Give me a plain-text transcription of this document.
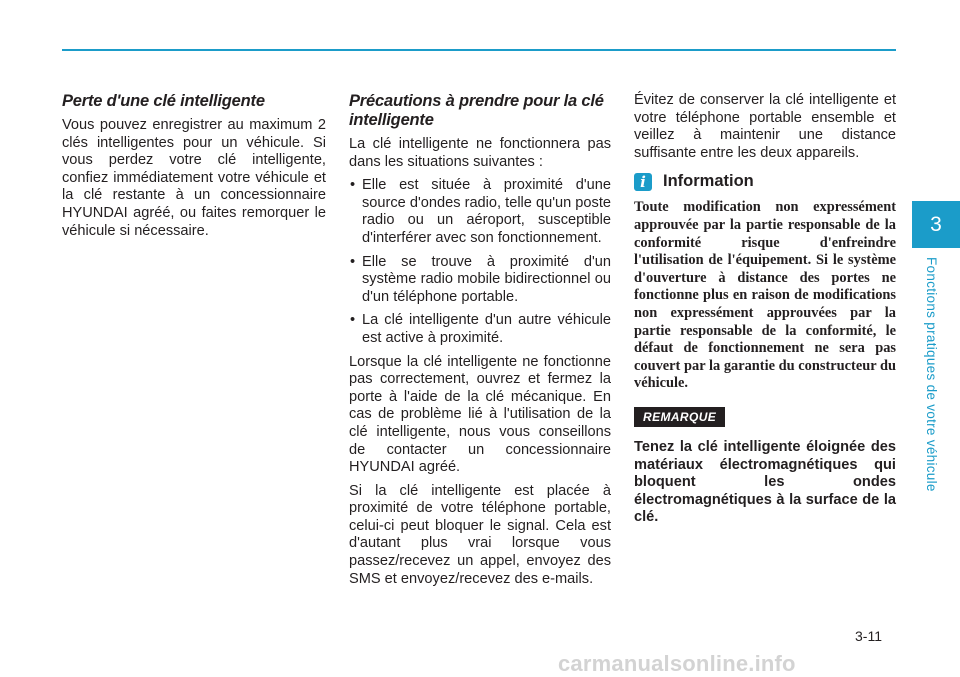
Perte d'une clé intelligente

Vous pouvez enregistrer au maximum 2 clés intelligentes pour un véhicule. Si vous perdez votre clé intelligente, confiez immédiatement votre véhicule et la clé restante à un concessionnaire HYUNDAI agréé, ou faites remorquer le véhicule si nécessaire.

Précautions à prendre pour la clé intelligente

La clé intelligente ne fonctionnera pas dans les situations suivantes :

• Elle est située à proximité d'une source d'ondes radio, telle qu'un poste radio ou un aéroport, susceptible d'interférer avec son fonctionnement.
• Elle se trouve à proximité d'un système radio mobile bidirectionnel ou d'un téléphone portable.
• La clé intelligente d'un autre véhicule est active à proximité.

Lorsque la clé intelligente ne fonctionne pas correctement, ouvrez et fermez la porte à l'aide de la clé mécanique. En cas de problème lié à l'utilisation de la clé intelligente, nous vous conseillons de contacter un concessionnaire HYUNDAI agréé.

Si la clé intelligente est placée à proximité de votre téléphone portable, celui-ci peut bloquer le signal. Cela est d'autant plus vrai lorsque vous passez/recevez un appel, envoyez des SMS et envoyez/recevez des e-mails.

Évitez de conserver la clé intelligente et votre téléphone portable ensemble et veillez à maintenir une distance suffisante entre les deux appareils.

i	Information

Toute modification non expressément approuvée par la partie responsable de la conformité risque d'enfreindre l'utilisation de l'équipement. Si le système d'ouverture à distance des portes ne fonctionne plus en raison de modifications non expressément approuvées par la partie responsable de la conformité, le défaut de fonctionnement ne sera pas couvert par la garantie du constructeur du véhicule.

REMARQUE

Tenez la clé intelligente éloignée des matériaux électromagnétiques qui bloquent les ondes électromagnétiques à la surface de la clé.

3
Fonctions pratiques de votre véhicule
3-11
carmanualsonline.info
